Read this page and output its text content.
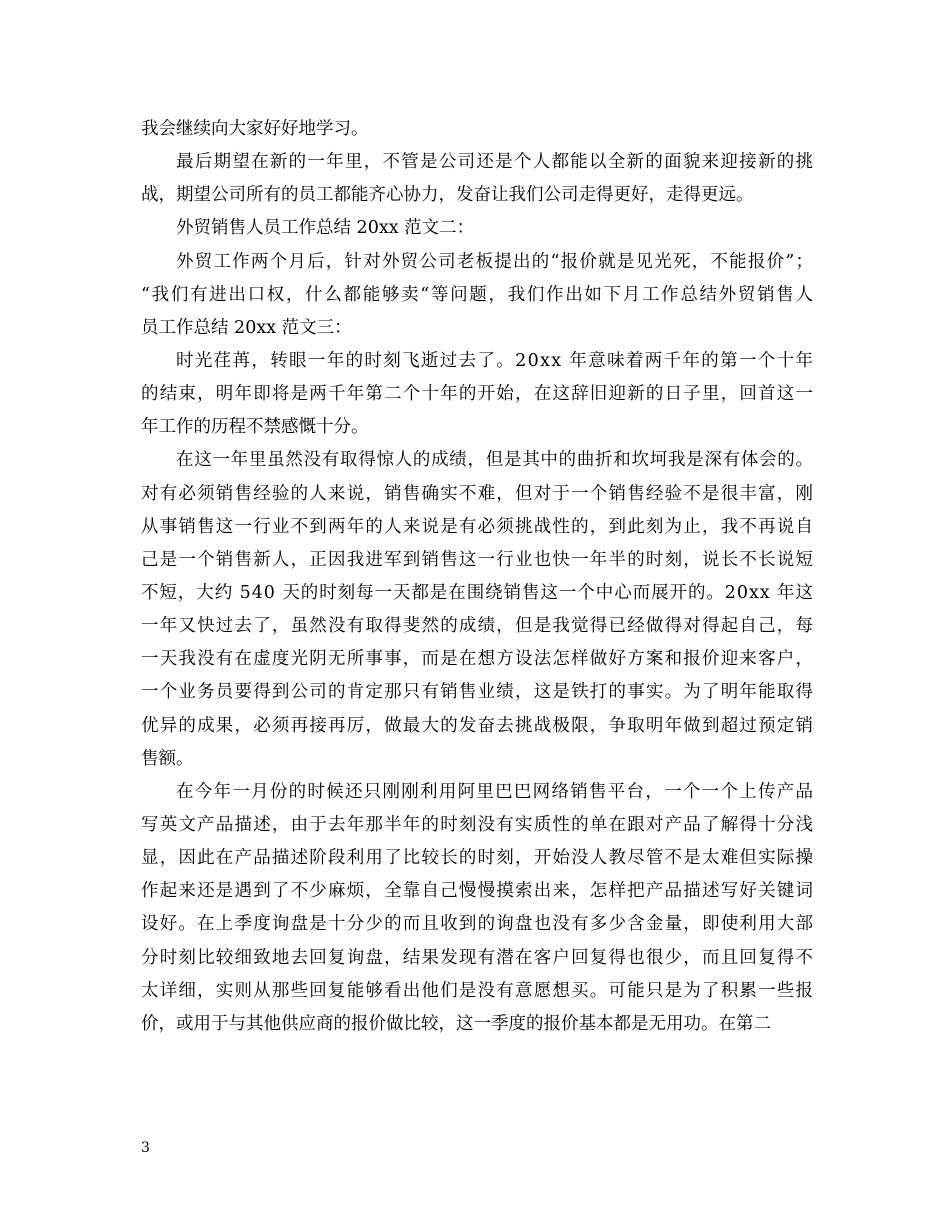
我会继续向大家好好地学习。
最后期望在新的一年里，不管是公司还是个人都能以全新的面貌来迎接新的挑
战，期望公司所有的员工都能齐心协力，发奋让我们公司走得更好，走得更远。
外贸销售人员工作总结 20xx 范文二：
外贸工作两个月后，针对外贸公司老板提出的“报价就是见光死，不能报价”；
“我们有进出口权，什么都能够卖“等问题，我们作出如下月工作总结外贸销售人
员工作总结 20xx 范文三：
时光荏苒，转眼一年的时刻飞逝过去了。20xx 年意味着两千年的第一个十年
的结束，明年即将是两千年第二个十年的开始，在这辞旧迎新的日子里，回首这一
年工作的历程不禁感慨十分。
在这一年里虽然没有取得惊人的成绩，但是其中的曲折和坎坷我是深有体会的。
对有必须销售经验的人来说，销售确实不难，但对于一个销售经验不是很丰富，刚
从事销售这一行业不到两年的人来说是有必须挑战性的，到此刻为止，我不再说自
己是一个销售新人，正因我进军到销售这一行业也快一年半的时刻，说长不长说短
不短，大约 540 天的时刻每一天都是在围绕销售这一个中心而展开的。20xx 年这
一年又快过去了，虽然没有取得斐然的成绩，但是我觉得已经做得对得起自己，每
一天我没有在虚度光阴无所事事，而是在想方设法怎样做好方案和报价迎来客户，
一个业务员要得到公司的肯定那只有销售业绩，这是铁打的事实。为了明年能取得
优异的成果，必须再接再厉，做最大的发奋去挑战极限，争取明年做到超过预定销
售额。
在今年一月份的时候还只刚刚利用阿里巴巴网络销售平台，一个一个上传产品
写英文产品描述，由于去年那半年的时刻没有实质性的单在跟对产品了解得十分浅
显，因此在产品描述阶段利用了比较长的时刻，开始没人教尽管不是太难但实际操
作起来还是遇到了不少麻烦，全靠自己慢慢摸索出来，怎样把产品描述写好关键词
设好。在上季度询盘是十分少的而且收到的询盘也没有多少含金量，即使利用大部
分时刻比较细致地去回复询盘，结果发现有潜在客户回复得也很少，而且回复得不
太详细，实则从那些回复能够看出他们是没有意愿想买。可能只是为了积累一些报
价，或用于与其他供应商的报价做比较，这一季度的报价基本都是无用功。在第二
3
